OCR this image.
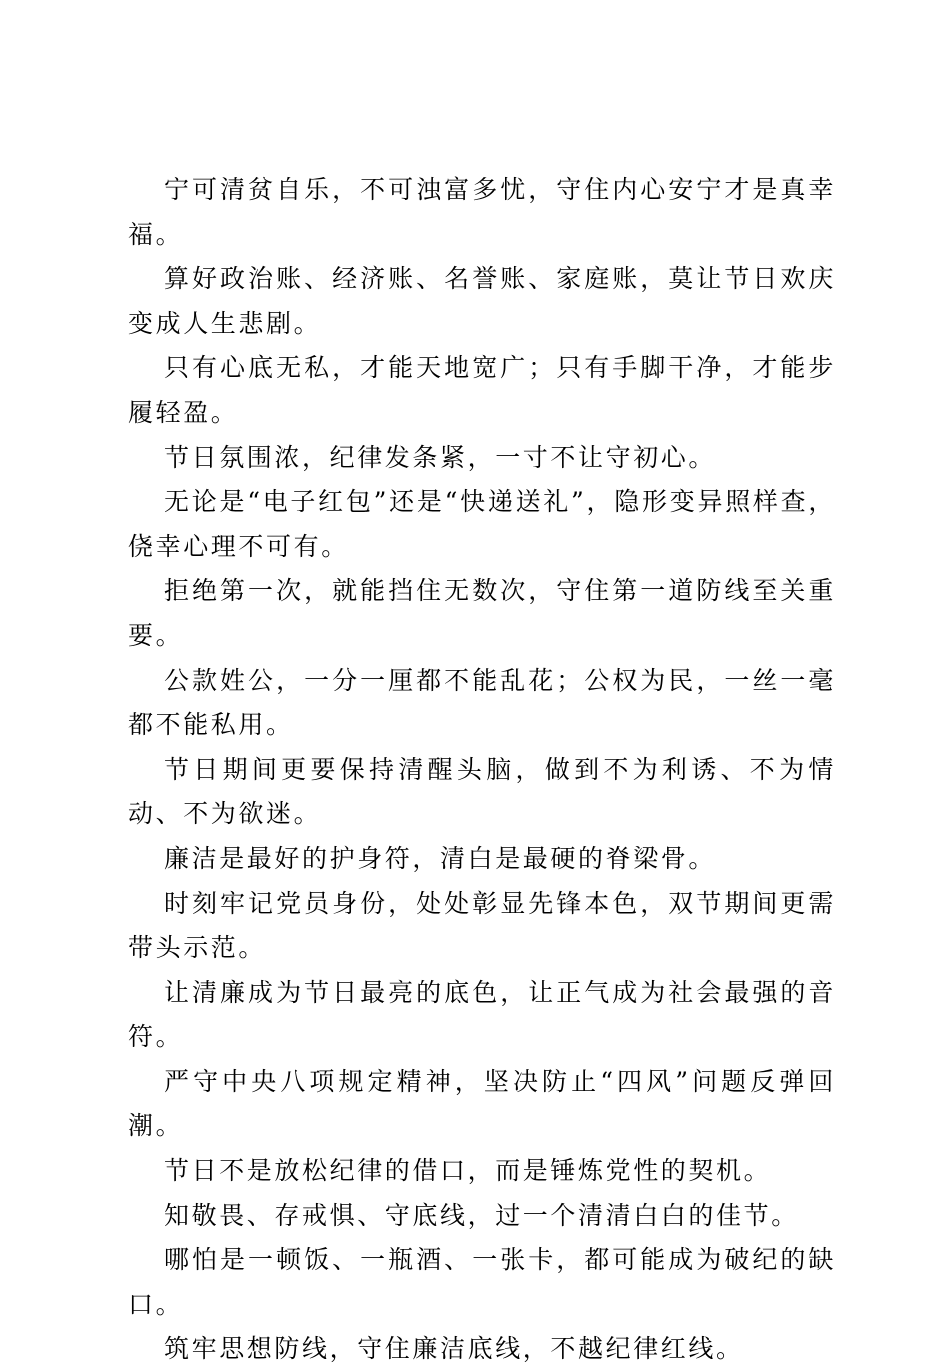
宁可清贫自乐，不可浊富多忧，守住内心安宁才是真幸福。

算好政治账、经济账、名誉账、家庭账，莫让节日欢庆变成人生悲剧。

只有心底无私，才能天地宽广；只有手脚干净，才能步履轻盈。

节日氛围浓，纪律发条紧，一寸不让守初心。

无论是“电子红包”还是“快递送礼”，隐形变异照样查，侥幸心理不可有。

拒绝第一次，就能挡住无数次，守住第一道防线至关重要。

公款姓公，一分一厘都不能乱花；公权为民，一丝一毫都不能私用。

节日期间更要保持清醒头脑，做到不为利诱、不为情动、不为欲迷。

廉洁是最好的护身符，清白是最硬的脊梁骨。

时刻牢记党员身份，处处彰显先锋本色，双节期间更需带头示范。

让清廉成为节日最亮的底色，让正气成为社会最强的音符。

严守中央八项规定精神，坚决防止“四风”问题反弹回潮。

节日不是放松纪律的借口，而是锤炼党性的契机。

知敬畏、存戒惧、守底线，过一个清清白白的佳节。

哪怕是一顿饭、一瓶酒、一张卡，都可能成为破纪的缺口。

筑牢思想防线，守住廉洁底线，不越纪律红线。
